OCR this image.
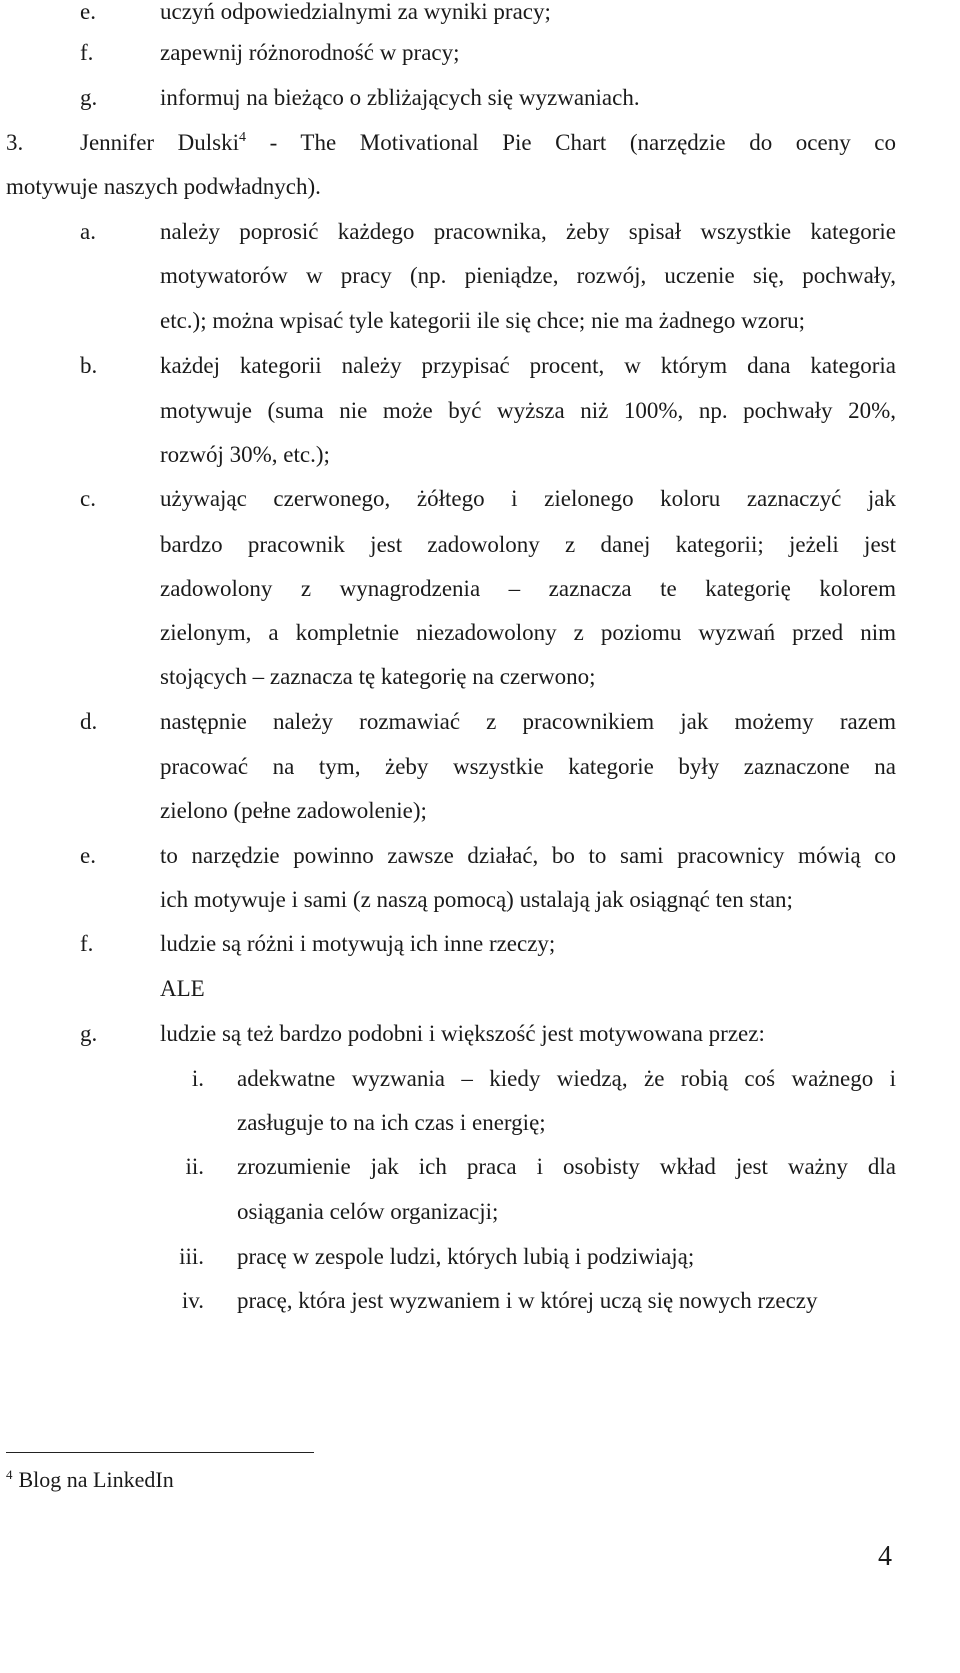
e.	uczyń odpowiedzialnymi za wyniki pracy;
f.	zapewnij różnorodność w pracy;
g.	informuj na bieżąco o zbliżających się wyzwaniach.
3. Jennifer Dulski$^4$ - The Motivational Pie Chart (narzędzie do oceny co
motywuje naszych podwładnych).
a.	należy poprosić każdego pracownika, żeby spisał wszystkie kategorie
motywatorów w pracy (np. pieniądze, rozwój, uczenie się, pochwały,
etc.); można wpisać tyle kategorii ile się chce; nie ma żadnego wzoru;
b.	każdej kategorii należy przypisać procent, w którym dana kategoria
motywuje (suma nie może być wyższa niż 100%, np. pochwały 20%,
rozwój 30%, etc.);
c.	używając czerwonego, żółtego i zielonego koloru zaznaczyć jak
bardzo pracownik jest zadowolony z danej kategorii; jeżeli jest
zadowolony z wynagrodzenia – zaznacza te kategorię kolorem
zielonym, a kompletnie niezadowolony z poziomu wyzwań przed nim
stojących – zaznacza tę kategorię na czerwono;
d.	następnie należy rozmawiać z pracownikiem jak możemy razem
pracować na tym, żeby wszystkie kategorie były zaznaczone na
zielono (pełne zadowolenie);
e.	to narzędzie powinno zawsze działać, bo to sami pracownicy mówią co
ich motywuje i sami (z naszą pomocą) ustalają jak osiągnąć ten stan;
f.	ludzie są różni i motywują ich inne rzeczy;
ALE
g.	ludzie są też bardzo podobni i większość jest motywowana przez:
i. adekwatne wyzwania – kiedy wiedzą, że robią coś ważnego i
zasługuje to na ich czas i energię;
ii. zrozumienie jak ich praca i osobisty wkład jest ważny dla
osiągania celów organizacji;
iii. pracę w zespole ludzi, których lubią i podziwiają;
iv. pracę, która jest wyzwaniem i w której uczą się nowych rzeczy
$^4$ Blog na LinkedIn
4
